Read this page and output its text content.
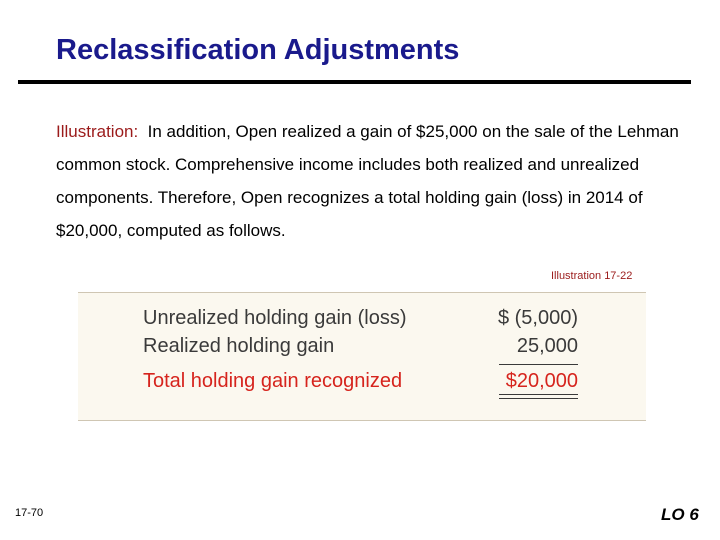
Reclassification Adjustments
Illustration: In addition, Open realized a gain of $25,000 on the sale of the Lehman common stock. Comprehensive income includes both realized and unrealized components. Therefore, Open recognizes a total holding gain (loss) in 2014 of $20,000, computed as follows.
Illustration 17-22
Unrealized holding gain (loss)	$ (5,000)
Realized holding gain	25,000
Total holding gain recognized	$20,000
17-70	LO 6
